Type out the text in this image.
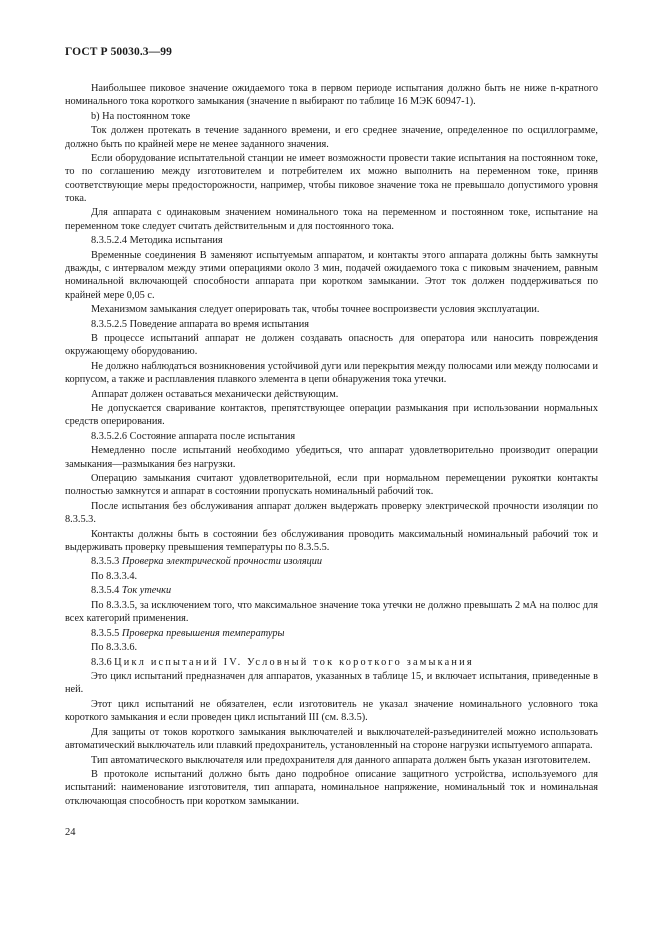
ГОСТ Р 50030.3—99

Наибольшее пиковое значение ожидаемого тока в первом периоде испытания должно быть не ниже n-кратного номинального тока короткого замыкания (значение n выбирают по таблице 16 МЭК 60947-1).

b) На постоянном токе

Ток должен протекать в течение заданного времени, и его среднее значение, определенное по осциллограмме, должно быть по крайней мере не менее заданного значения.

Если оборудование испытательной станции не имеет возможности провести такие испытания на постоянном токе, то по соглашению между изготовителем и потребителем их можно выполнить на переменном токе, приняв соответствующие меры предосторожности, например, чтобы пиковое значение тока не превышало допустимого уровня тока.

Для аппарата с одинаковым значением номинального тока на переменном и постоянном токе, испытание на переменном токе следует считать действительным и для постоянного тока.

8.3.5.2.4 Методика испытания

Временные соединения В заменяют испытуемым аппаратом, и контакты этого аппарата должны быть замкнуты дважды, с интервалом между этими операциями около 3 мин, подачей ожидаемого тока с пиковым значением, равным номинальной включающей способности аппарата при коротком замыкании. Этот ток должен поддерживаться по крайней мере 0,05 с.

Механизмом замыкания следует оперировать так, чтобы точнее воспроизвести условия эксплуатации.

8.3.5.2.5 Поведение аппарата во время испытания

В процессе испытаний аппарат не должен создавать опасность для оператора или наносить повреждения окружающему оборудованию.

Не должно наблюдаться возникновения устойчивой дуги или перекрытия между полюсами или между полюсами и корпусом, а также и расплавления плавкого элемента в цепи обнаружения тока утечки.

Аппарат должен оставаться механически действующим.

Не допускается сваривание контактов, препятствующее операции размыкания при использовании нормальных средств оперирования.

8.3.5.2.6 Состояние аппарата после испытания

Немедленно после испытаний необходимо убедиться, что аппарат удовлетворительно производит операции замыкания—размыкания без нагрузки.

Операцию замыкания считают удовлетворительной, если при нормальном перемещении рукоятки контакты полностью замкнутся и аппарат в состоянии пропускать номинальный рабочий ток.

После испытания без обслуживания аппарат должен выдержать проверку электрической прочности изоляции по 8.3.5.3.

Контакты должны быть в состоянии без обслуживания проводить максимальный номинальный рабочий ток и выдерживать проверку превышения температуры по 8.3.5.5.

8.3.5.3 Проверка электрической прочности изоляции

По 8.3.3.4.

8.3.5.4 Ток утечки

По 8.3.3.5, за исключением того, что максимальное значение тока утечки не должно превышать 2 мА на полюс для всех категорий применения.

8.3.5.5 Проверка превышения температуры

По 8.3.3.6.

8.3.6 Цикл испытаний IV. Условный ток короткого замыкания

Это цикл испытаний предназначен для аппаратов, указанных в таблице 15, и включает испытания, приведенные в ней.

Этот цикл испытаний не обязателен, если изготовитель не указал значение номинального условного тока короткого замыкания и если проведен цикл испытаний III (см. 8.3.5).

Для защиты от токов короткого замыкания выключателей и выключателей-разъединителей можно использовать автоматический выключатель или плавкий предохранитель, установленный на стороне нагрузки испытуемого аппарата.

Тип автоматического выключателя или предохранителя для данного аппарата должен быть указан изготовителем.

В протоколе испытаний должно быть дано подробное описание защитного устройства, используемого для испытаний: наименование изготовителя, тип аппарата, номинальное напряжение, номинальный ток и номинальная отключающая способность при коротком замыкании.

24
